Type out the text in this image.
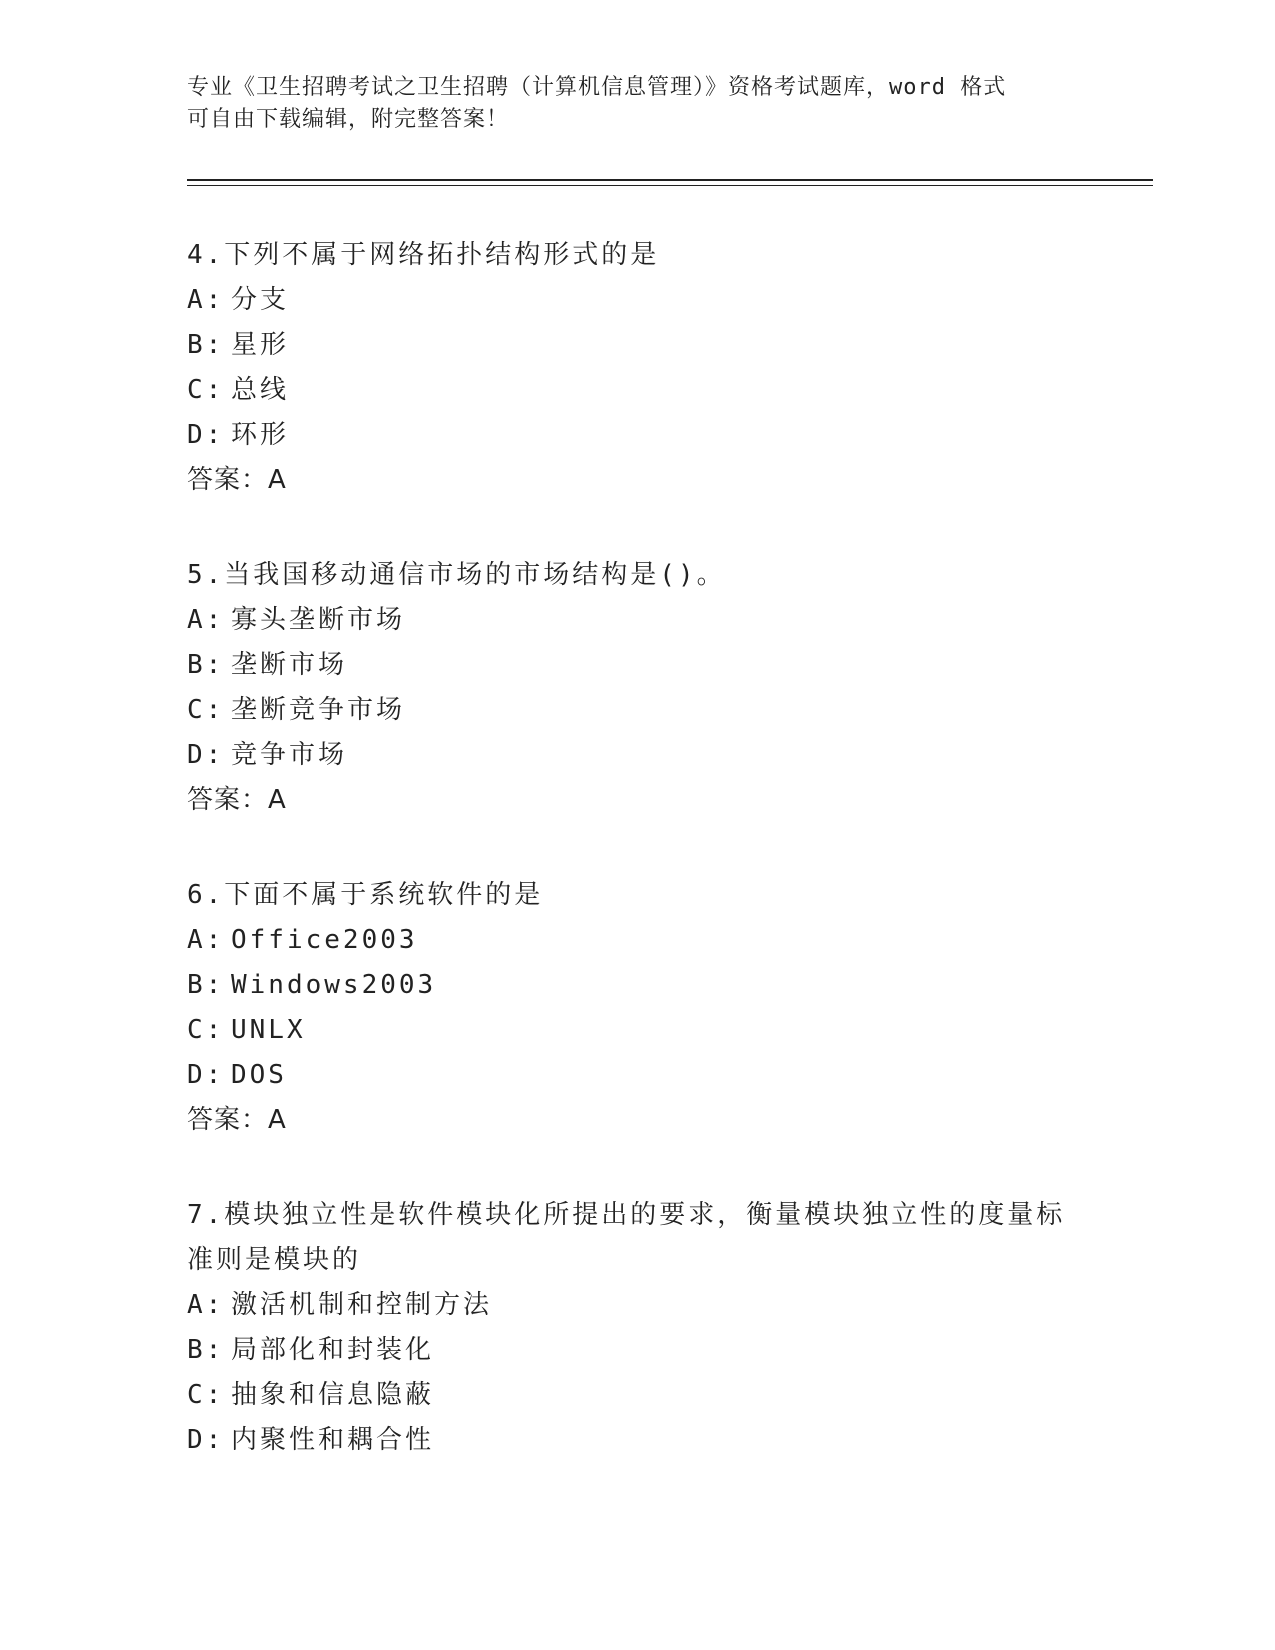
专业《卫生招聘考试之卫生招聘（计算机信息管理）》资格考试题库，word 格式
可自由下载编辑，附完整答案！
4.下列不属于网络拓扑结构形式的是
A: 分支
B: 星形
C: 总线
D: 环形
答案：A
5.当我国移动通信市场的市场结构是()。
A: 寡头垄断市场
B: 垄断市场
C: 垄断竞争市场
D: 竞争市场
答案：A
6.下面不属于系统软件的是
A: Office2003
B: Windows2003
C: UNLX
D: DOS
答案：A
7.模块独立性是软件模块化所提出的要求，衡量模块独立性的度量标
准则是模块的
A: 激活机制和控制方法
B: 局部化和封装化
C: 抽象和信息隐蔽
D: 内聚性和耦合性
